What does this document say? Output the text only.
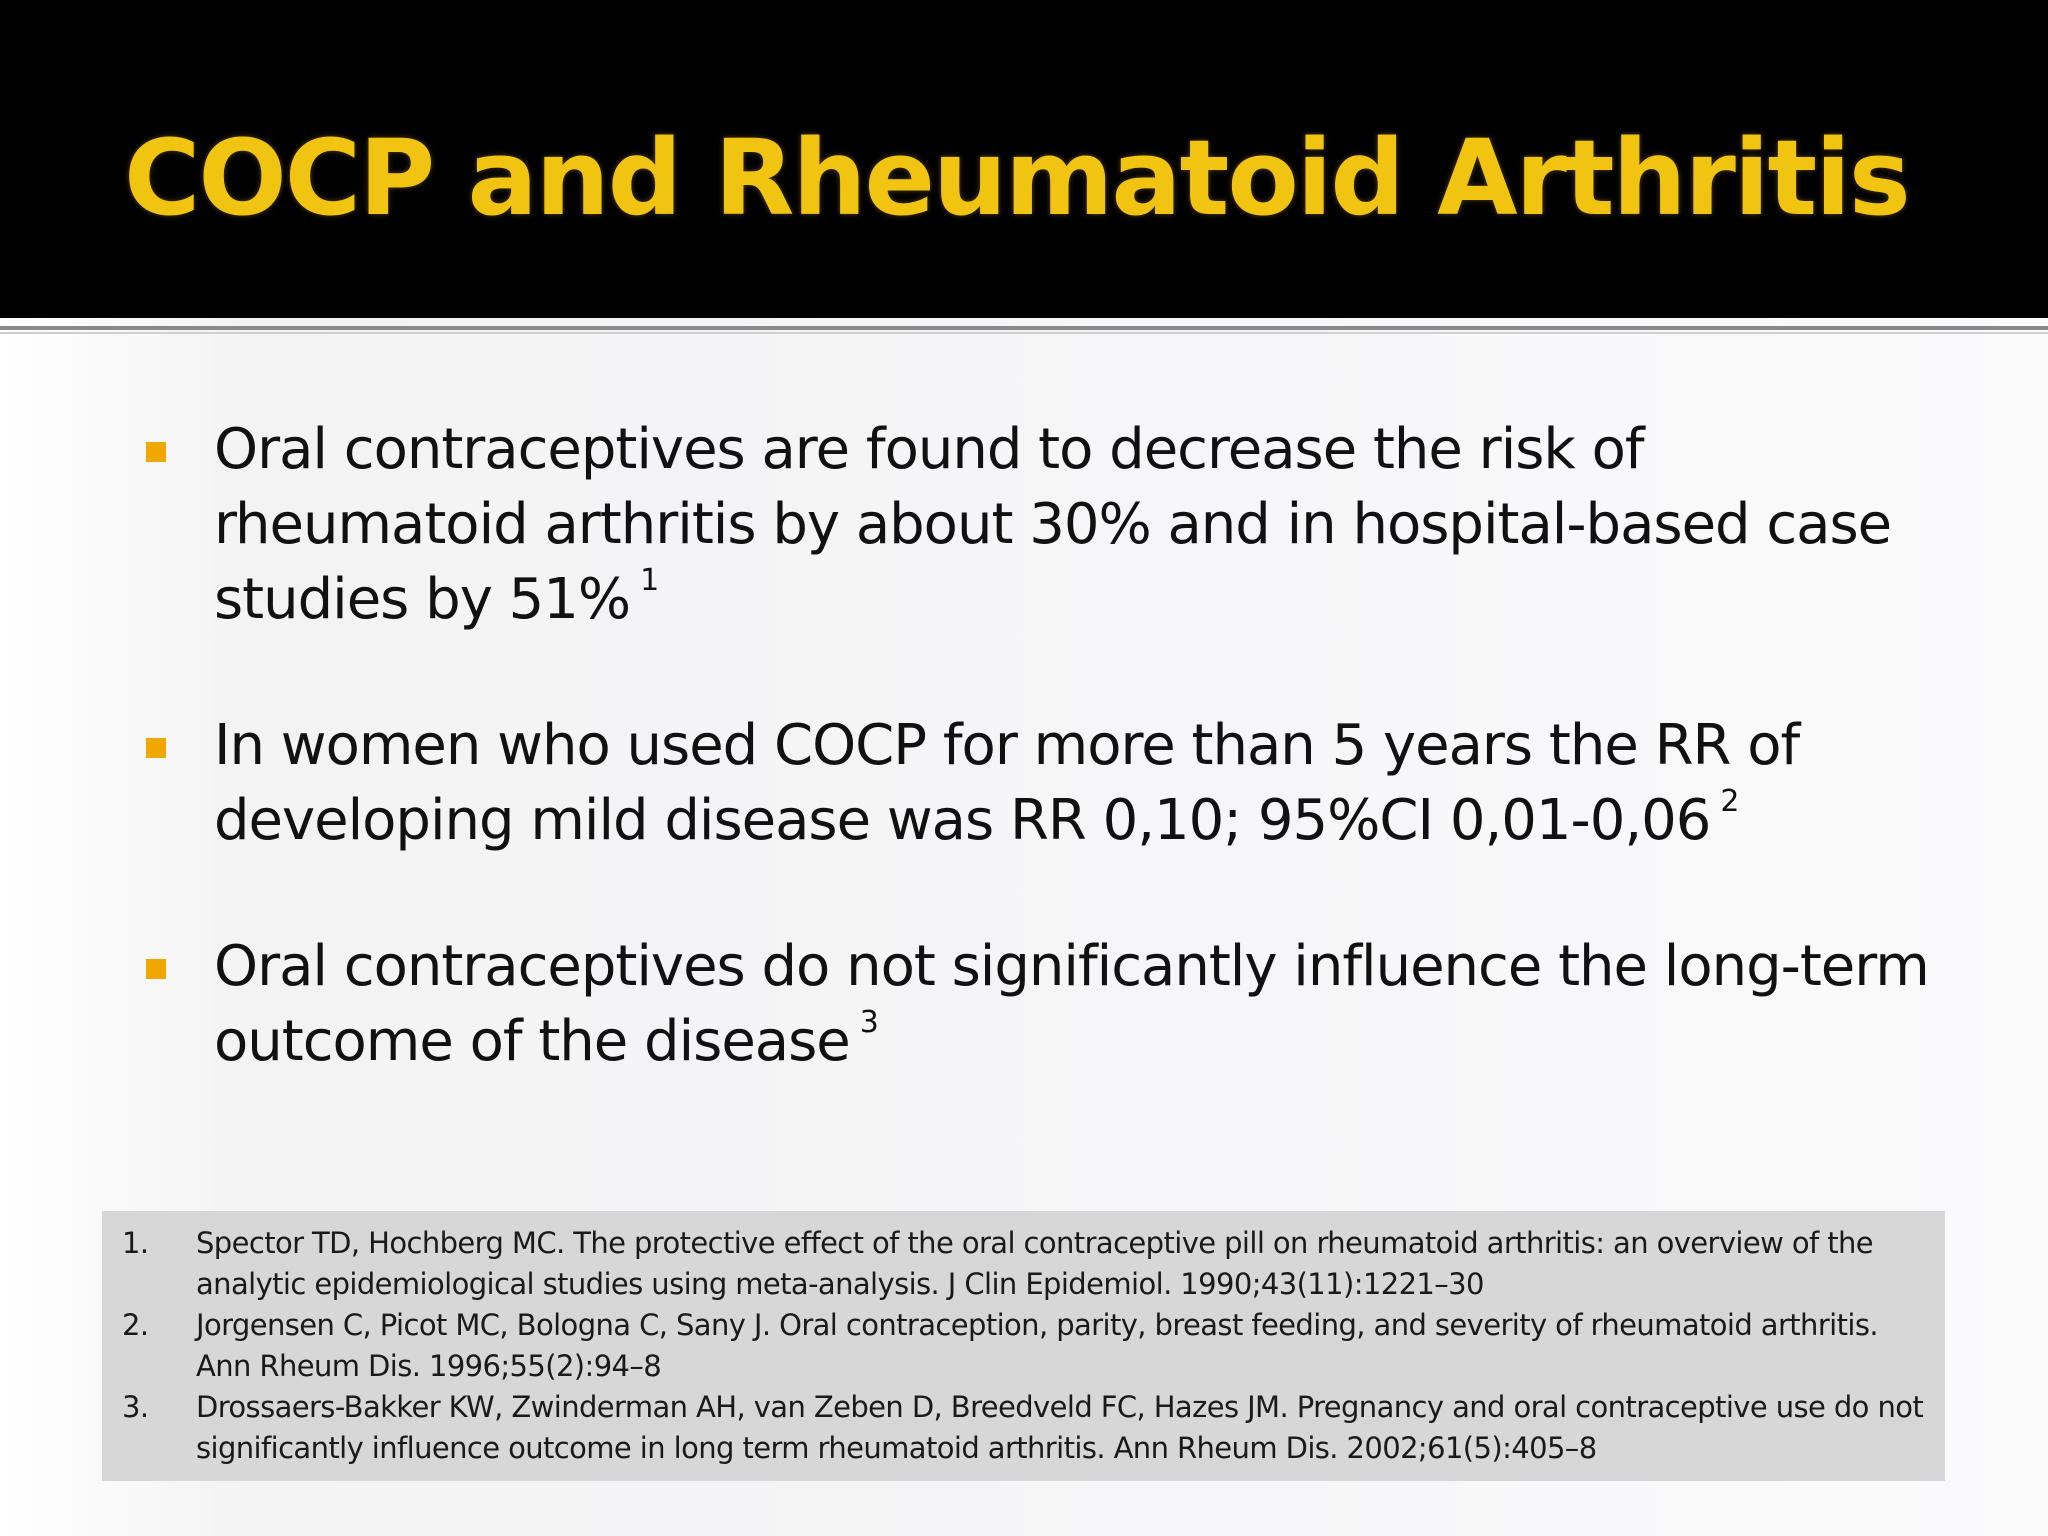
COCP and Rheumatoid Arthritis
Oral contraceptives are found to decrease the risk of rheumatoid arthritis by about 30% and in hospital-based case studies by 51% $^1$
In women who used COCP for more than 5 years the RR of developing mild disease was RR 0,10; 95%CI 0,01-0,06 $^2$
Oral contraceptives do not significantly influence the long-term outcome of the disease $^3$
1.	Spector TD, Hochberg MC. The protective effect of the oral contraceptive pill on rheumatoid arthritis: an overview of the analytic epidemiological studies using meta-analysis. J Clin Epidemiol. 1990;43(11):1221–30
2.	Jorgensen C, Picot MC, Bologna C, Sany J. Oral contraception, parity, breast feeding, and severity of rheumatoid arthritis. Ann Rheum Dis. 1996;55(2):94–8
3.	Drossaers-Bakker KW, Zwinderman AH, van Zeben D, Breedveld FC, Hazes JM. Pregnancy and oral contraceptive use do not significantly influence outcome in long term rheumatoid arthritis. Ann Rheum Dis. 2002;61(5):405–8
